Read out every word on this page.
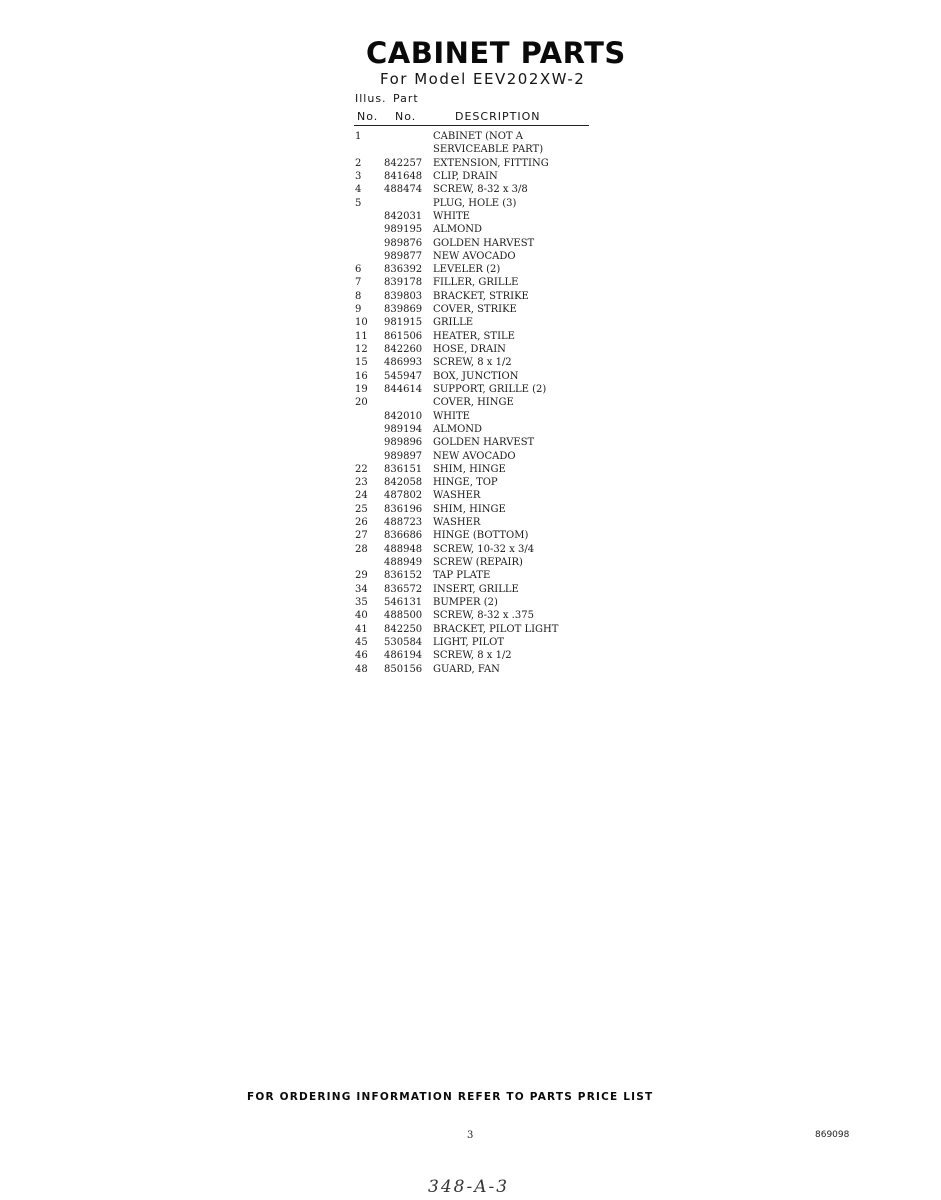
CABINET PARTS
For Model EEV202XW-2
Illus. Part
No. No.	DESCRIPTION
1	CABINET (NOT A
SERVICEABLE PART)
2	842257 EXTENSION, FITTING
3	841648 CLIP, DRAIN
4	488474 SCREW, 8-32 x 3/8
5	PLUG, HOLE (3)
842031 WHITE
989195 ALMOND
989876 GOLDEN HARVEST
989877 NEW AVOCADO
6	836392 LEVELER (2)
7	839178 FILLER, GRILLE
8	839803 BRACKET, STRIKE
9	839869 COVER, STRIKE
10	981915 GRILLE
11	861506 HEATER, STILE
12	842260 HOSE, DRAIN
15	486993 SCREW, 8 x 1/2
16	545947 BOX, JUNCTION
19	844614 SUPPORT, GRILLE (2)
20	COVER, HINGE
842010 WHITE
989194 ALMOND
989896 GOLDEN HARVEST
989897 NEW AVOCADO
22	836151 SHIM, HINGE
23	842058 HINGE, TOP
24	487802 WASHER
25	836196 SHIM, HINGE
26	488723 WASHER
27	836686 HINGE (BOTTOM)
28	488948 SCREW, 10-32 x 3/4
488949 SCREW (REPAIR)
29	836152 TAP PLATE
34	836572 INSERT, GRILLE
35	546131 BUMPER (2)
40	488500 SCREW, 8-32 x .375
41	842250 BRACKET, PILOT LIGHT
45	530584 LIGHT, PILOT
46	486194 SCREW, 8 x 1/2
48	850156 GUARD, FAN
FOR ORDERING INFORMATION REFER TO PARTS PRICE LIST
3	869098
348-A-3
